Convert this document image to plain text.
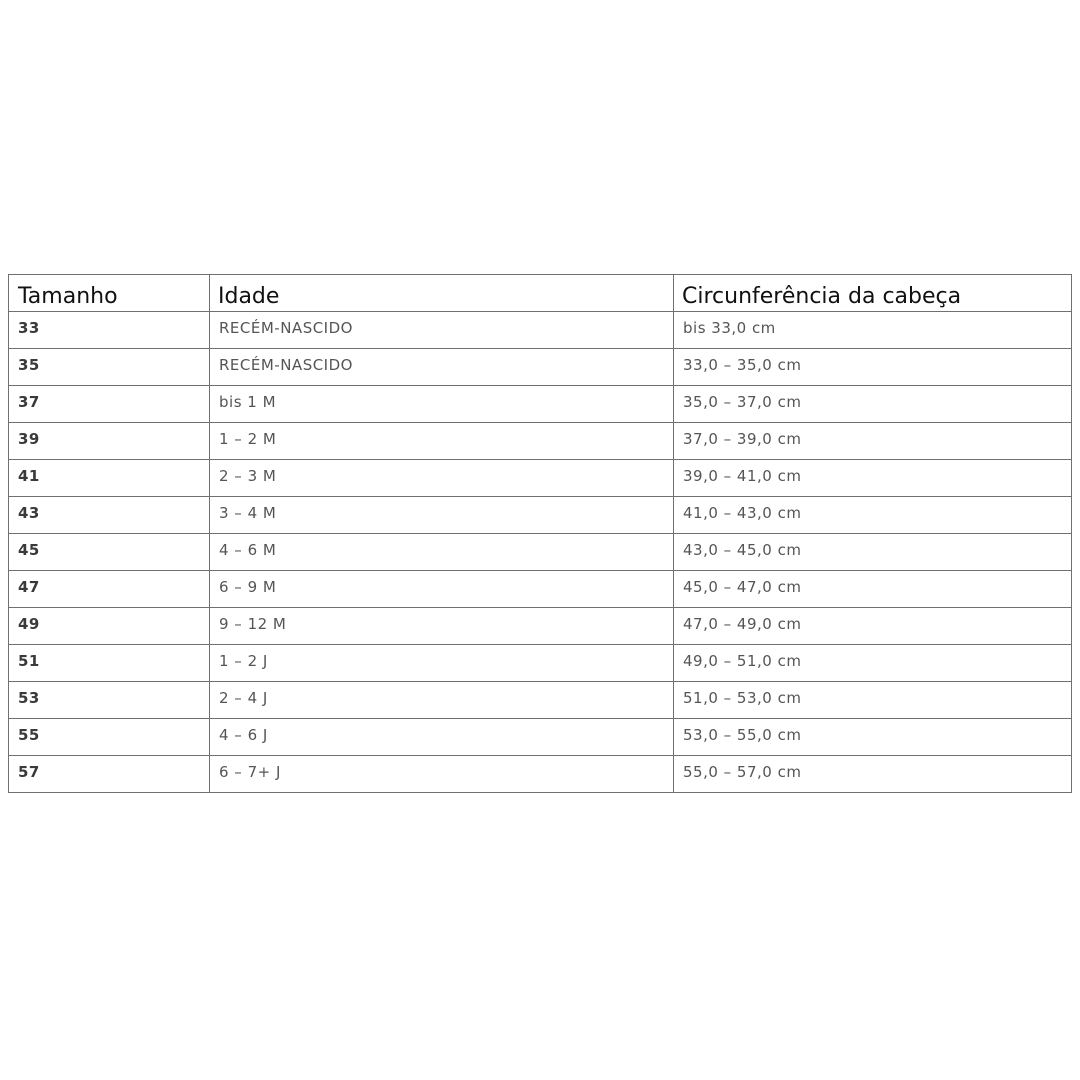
Tamanho	Idade	Circunferência da cabeça
33	RECÉM-NASCIDO	bis 33,0 cm
35	RECÉM-NASCIDO	33,0 – 35,0 cm
37	bis 1 M	35,0 – 37,0 cm
39	1 – 2 M	37,0 – 39,0 cm
41	2 – 3 M	39,0 – 41,0 cm
43	3 – 4 M	41,0 – 43,0 cm
45	4 – 6 M	43,0 – 45,0 cm
47	6 – 9 M	45,0 – 47,0 cm
49	9 – 12 M	47,0 – 49,0 cm
51	1 – 2 J	49,0 – 51,0 cm
53	2 – 4 J	51,0 – 53,0 cm
55	4 – 6 J	53,0 – 55,0 cm
57	6 – 7+ J	55,0 – 57,0 cm
